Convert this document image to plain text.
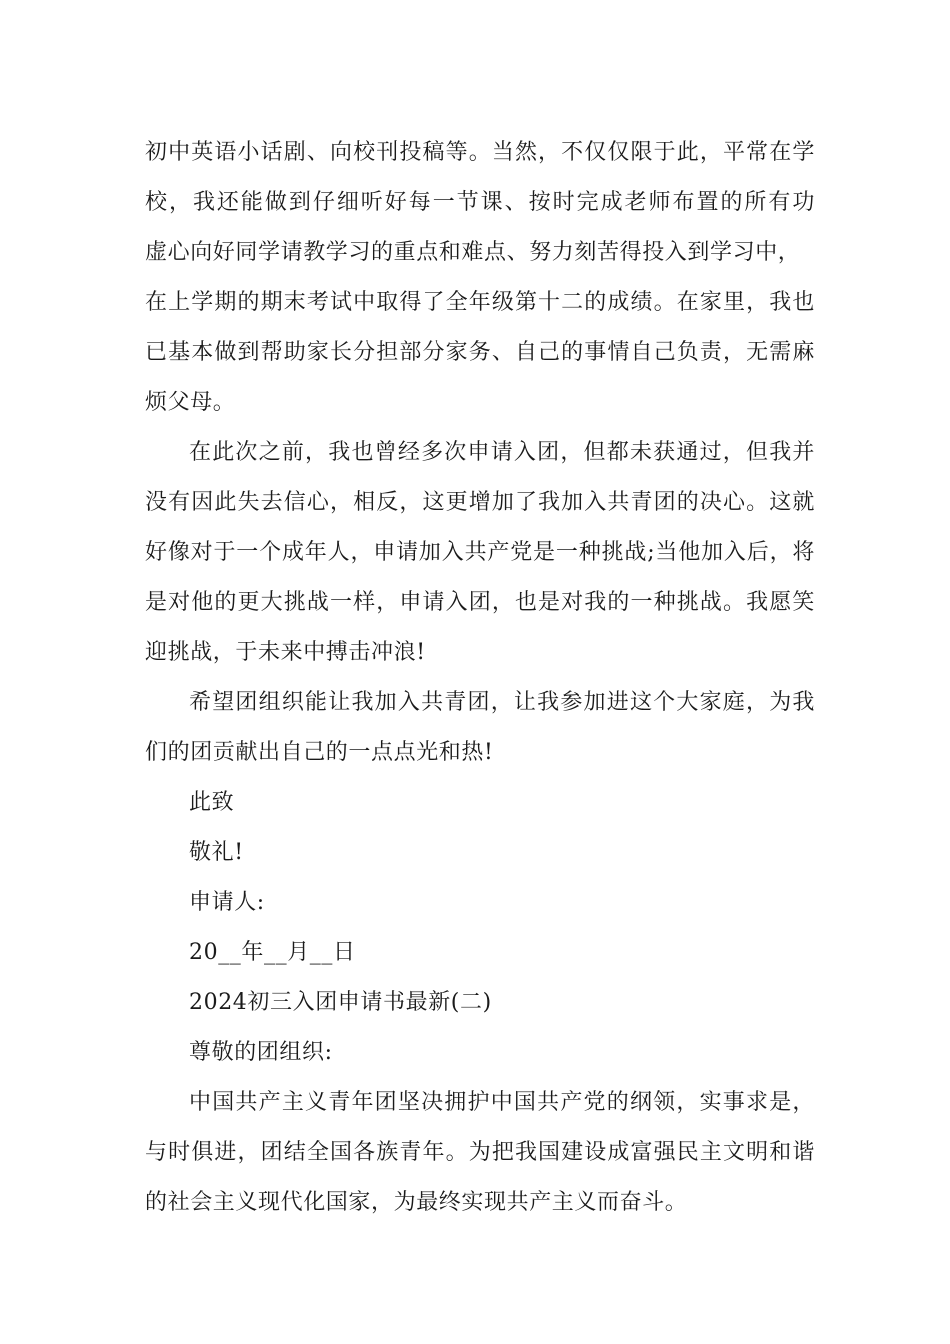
初中英语小话剧、向校刊投稿等。当然，不仅仅限于此，平常在学
校，我还能做到仔细听好每一节课、按时完成老师布置的所有功
虚心向好同学请教学习的重点和难点、努力刻苦得投入到学习中，
在上学期的期末考试中取得了全年级第十二的成绩。在家里，我也
已基本做到帮助家长分担部分家务、自己的事情自己负责，无需麻
烦父母。
在此次之前，我也曾经多次申请入团，但都未获通过，但我并
没有因此失去信心，相反，这更增加了我加入共青团的决心。这就
好像对于一个成年人，申请加入共产党是一种挑战;当他加入后，将
是对他的更大挑战一样，申请入团，也是对我的一种挑战。我愿笑
迎挑战，于未来中搏击冲浪!
希望团组织能让我加入共青团，让我参加进这个大家庭，为我
们的团贡献出自己的一点点光和热!
此致
敬礼!
申请人:
20__年__月__日
2024初三入团申请书最新(二)
尊敬的团组织:
中国共产主义青年团坚决拥护中国共产党的纲领，实事求是，
与时俱进，团结全国各族青年。为把我国建设成富强民主文明和谐
的社会主义现代化国家，为最终实现共产主义而奋斗。
